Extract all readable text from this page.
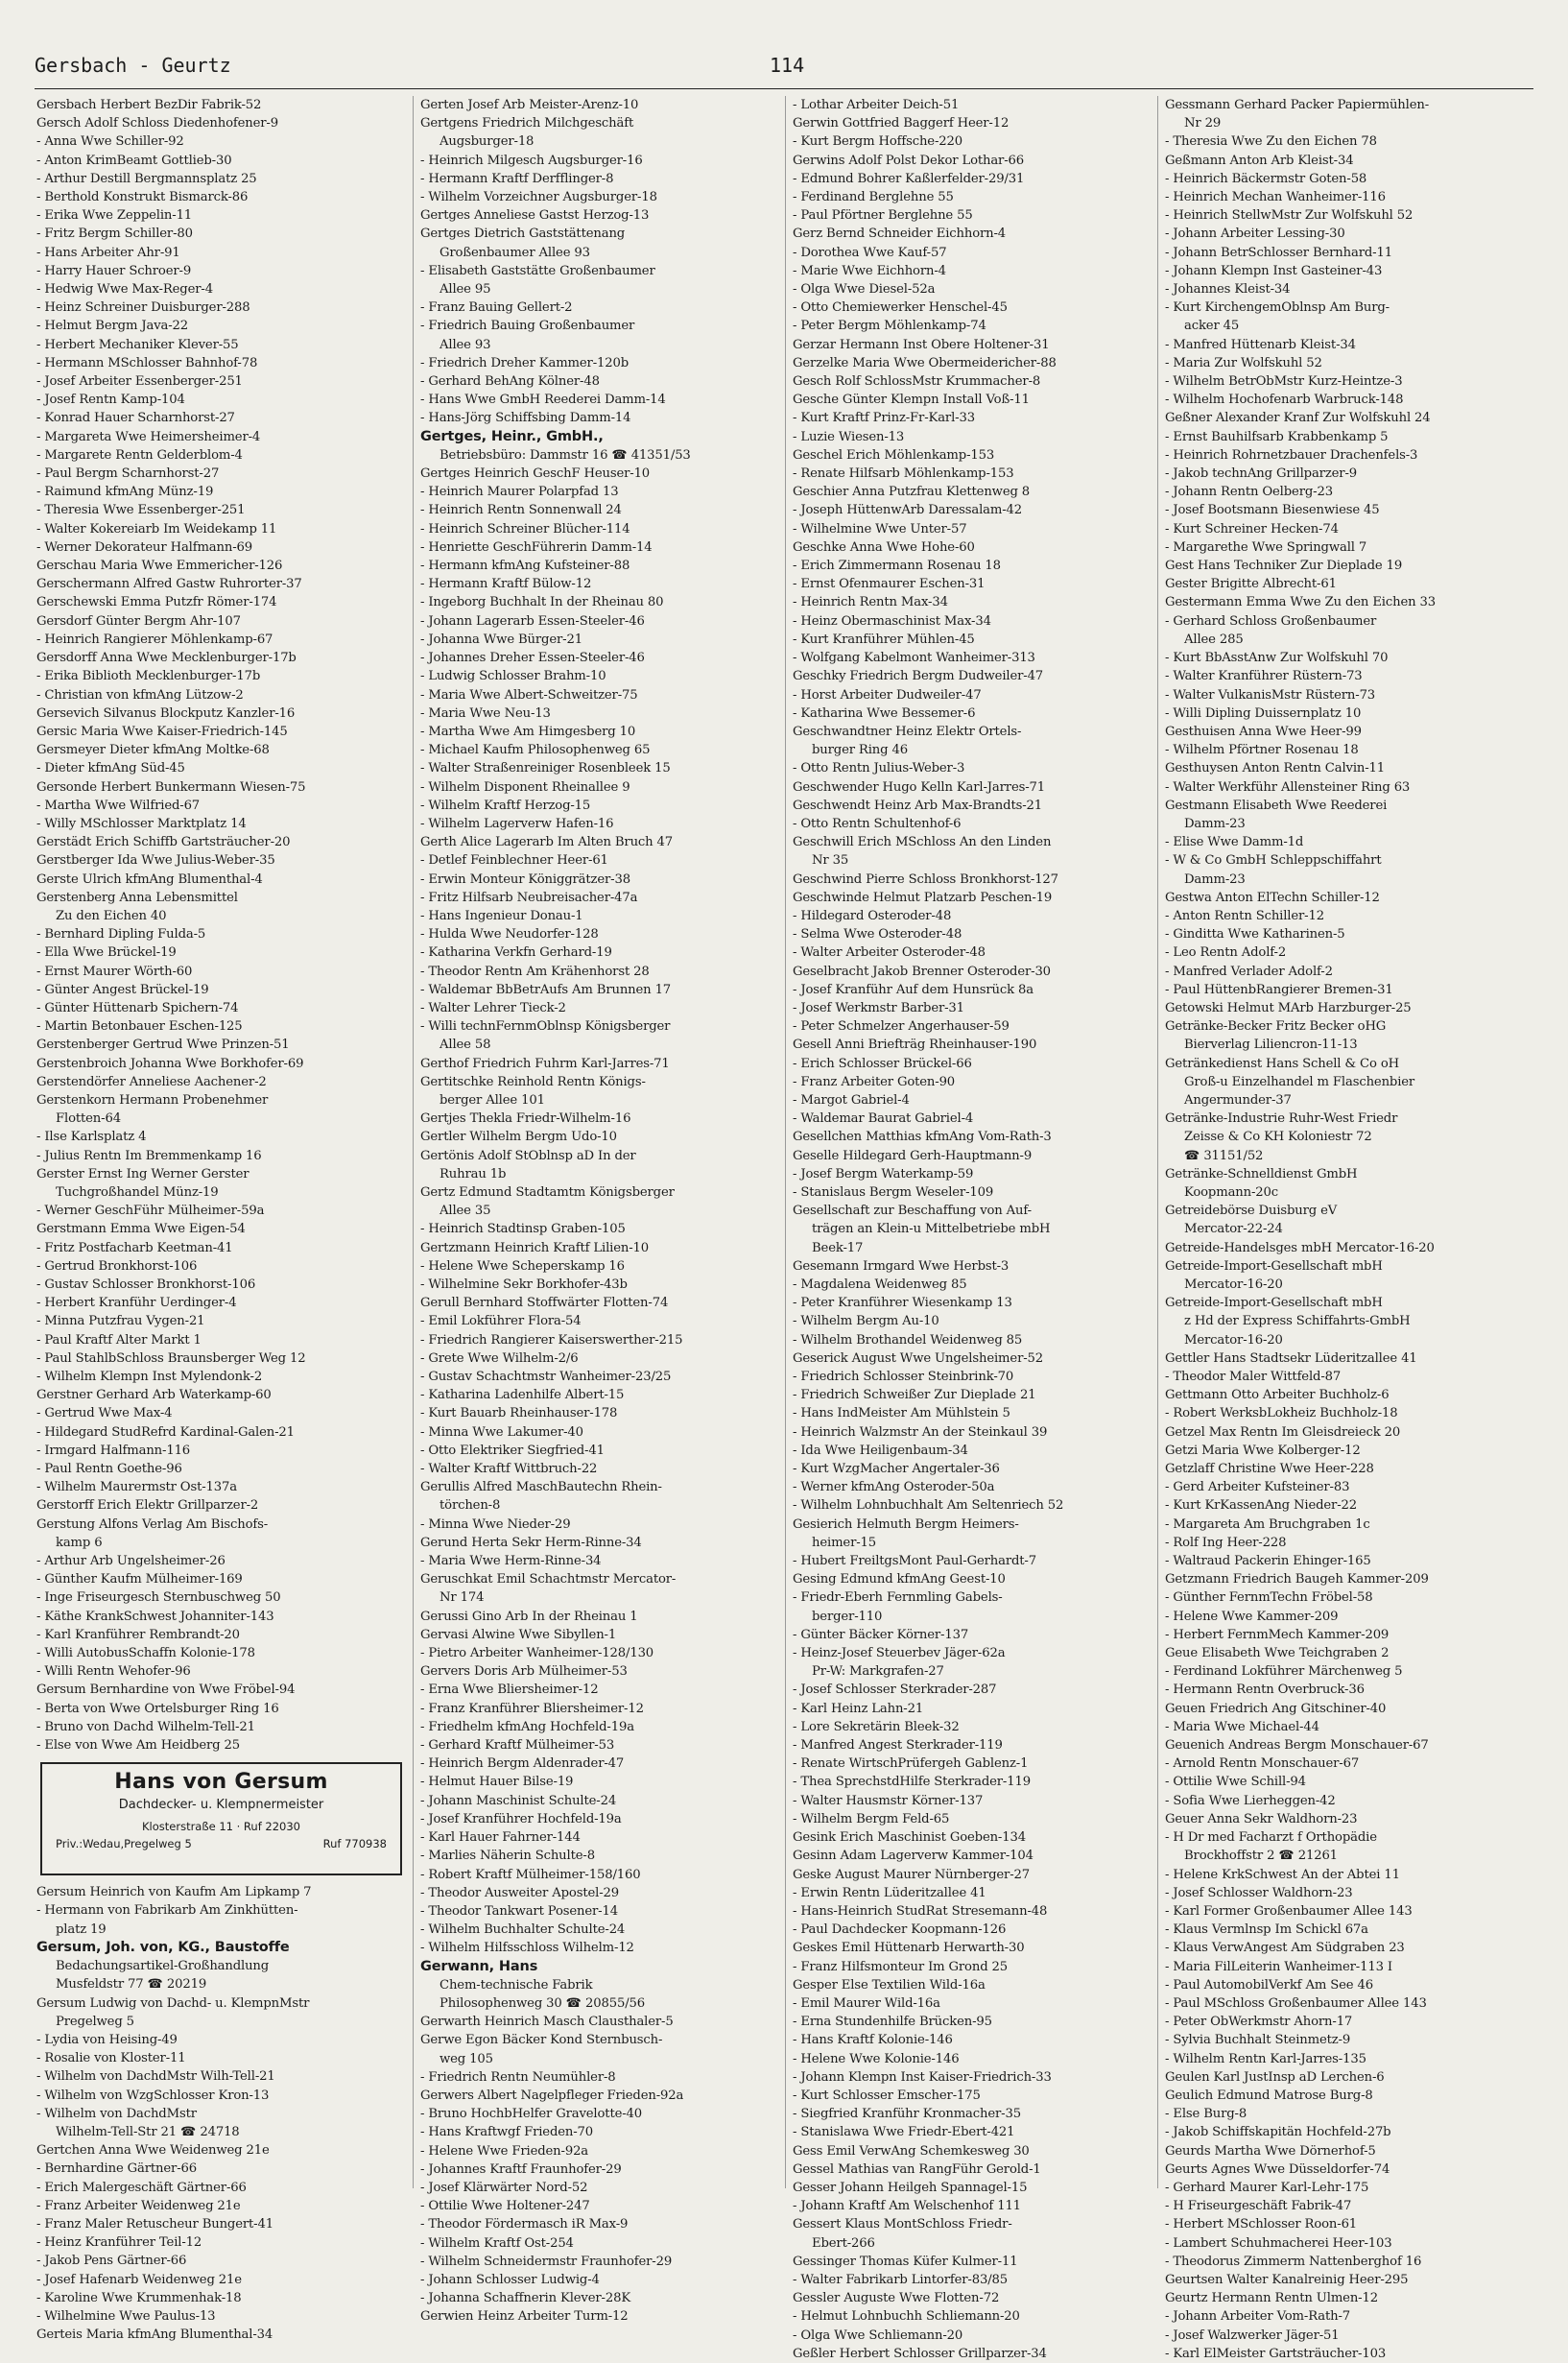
Gersbach - Geurtz	114

Gersbach Herbert BezDir Fabrik-52

Gersch Adolf Schloss Diedenhofener-9

- Anna Wwe Schiller-92

- Anton KrimBeamt Gottlieb-30

- Arthur Destill Bergmannsplatz 25

- Berthold Konstrukt Bismarck-86

- Erika Wwe Zeppelin-11

- Fritz Bergm Schiller-80

- Hans Arbeiter Ahr-91

- Harry Hauer Schroer-9

- Hedwig Wwe Max-Reger-4

- Heinz Schreiner Duisburger-288

- Helmut Bergm Java-22

- Herbert Mechaniker Klever-55

- Hermann MSchlosser Bahnhof-78

- Josef Arbeiter Essenberger-251

- Josef Rentn Kamp-104

- Konrad Hauer Scharnhorst-27

- Margareta Wwe Heimersheimer-4

- Margarete Rentn Gelderblom-4

- Paul Bergm Scharnhorst-27

- Raimund kfmAng Münz-19

- Theresia Wwe Essenberger-251

- Walter Kokereiarb Im Weidekamp 11

- Werner Dekorateur Halfmann-69

Gerschau Maria Wwe Emmericher-126

Gerschermann Alfred Gastw Ruhrorter-37

Gerschewski Emma Putzfr Römer-174

Gersdorf Günter Bergm Ahr-107

- Heinrich Rangierer Möhlenkamp-67

Gersdorff Anna Wwe Mecklenburger-17b

- Erika Biblioth Mecklenburger-17b

- Christian von kfmAng Lützow-2

Gersevich Silvanus Blockputz Kanzler-16

Gersic Maria Wwe Kaiser-Friedrich-145

Gersmeyer Dieter kfmAng Moltke-68

- Dieter kfmAng Süd-45

Gersonde Herbert Bunkermann Wiesen-75

- Martha Wwe Wilfried-67

- Willy MSchlosser Marktplatz 14

Gerstädt Erich Schiffb Gartsträucher-20

Gerstberger Ida Wwe Julius-Weber-35

Gerste Ulrich kfmAng Blumenthal-4

Gerstenberg Anna Lebensmittel

Zu den Eichen 40

- Bernhard Dipling Fulda-5

- Ella Wwe Brückel-19

- Ernst Maurer Wörth-60

- Günter Angest Brückel-19

- Günter Hüttenarb Spichern-74

- Martin Betonbauer Eschen-125

Gerstenberger Gertrud Wwe Prinzen-51

Gerstenbroich Johanna Wwe Borkhofer-69

Gerstendörfer Anneliese Aachener-2

Gerstenkorn Hermann Probenehmer

Flotten-64

- Ilse Karlsplatz 4

- Julius Rentn Im Bremmenkamp 16

Gerster Ernst Ing Werner Gerster

Tuchgroßhandel Münz-19

- Werner GeschFühr Mülheimer-59a

Gerstmann Emma Wwe Eigen-54

- Fritz Postfacharb Keetman-41

- Gertrud Bronkhorst-106

- Gustav Schlosser Bronkhorst-106

- Herbert Kranführ Uerdinger-4

- Minna Putzfrau Vygen-21

- Paul Kraftf Alter Markt 1

- Paul StahlbSchloss Braunsberger Weg 12

- Wilhelm Klempn Inst Mylendonk-2

Gerstner Gerhard Arb Waterkamp-60

- Gertrud Wwe Max-4

- Hildegard StudRefrd Kardinal-Galen-21

- Irmgard Halfmann-116

- Paul Rentn Goethe-96

- Wilhelm Maurermstr Ost-137a

Gerstorff Erich Elektr Grillparzer-2

Gerstung Alfons Verlag Am Bischofs-

kamp 6

- Arthur Arb Ungelsheimer-26

- Günther Kaufm Mülheimer-169

- Inge Friseurgesch Sternbuschweg 50

- Käthe KrankSchwest Johanniter-143

- Karl Kranführer Rembrandt-20

- Willi AutobusSchaffn Kolonie-178

- Willi Rentn Wehofer-96

Gersum Bernhardine von Wwe Fröbel-94

- Berta von Wwe Ortelsburger Ring 16

- Bruno von Dachd Wilhelm-Tell-21

- Else von Wwe Am Heidberg 25

Hans von Gersum
Dachdecker- u. Klempnermeister
Klosterstraße 11 · Ruf 22030
Priv.:Wedau,Pregelweg 5	Ruf 770938

Gersum Heinrich von Kaufm Am Lipkamp 7

- Hermann von Fabrikarb Am Zinkhütten-

platz 19

Gersum, Joh. von, KG., Baustoffe

Bedachungsartikel-Großhandlung

Musfeldstr 77 ☎ 20219

Gersum Ludwig von Dachd- u. KlempnMstr

Pregelweg 5

- Lydia von Heising-49

- Rosalie von Kloster-11

- Wilhelm von DachdMstr Wilh-Tell-21

- Wilhelm von WzgSchlosser Kron-13

- Wilhelm von DachdMstr

Wilhelm-Tell-Str 21 ☎ 24718

Gertchen Anna Wwe Weidenweg 21e

- Bernhardine Gärtner-66

- Erich Malergeschäft Gärtner-66

- Franz Arbeiter Weidenweg 21e

- Franz Maler Retuscheur Bungert-41

- Heinz Kranführer Teil-12

- Jakob Pens Gärtner-66

- Josef Hafenarb Weidenweg 21e

- Karoline Wwe Krummenhak-18

- Wilhelmine Wwe Paulus-13

Gerteis Maria kfmAng Blumenthal-34

Gerten Josef Arb Meister-Arenz-10

Gertgens Friedrich Milchgeschäft

Augsburger-18

- Heinrich Milgesch Augsburger-16

- Hermann Kraftf Derfflinger-8

- Wilhelm Vorzeichner Augsburger-18

Gertges Anneliese Gastst Herzog-13

Gertges Dietrich Gaststättenang

Großenbaumer Allee 93

- Elisabeth Gaststätte Großenbaumer

Allee 95

- Franz Bauing Gellert-2

- Friedrich Bauing Großenbaumer

Allee 93

- Friedrich Dreher Kammer-120b

- Gerhard BehAng Kölner-48

- Hans Wwe GmbH Reederei Damm-14

- Hans-Jörg Schiffsbing Damm-14

Gertges, Heinr., GmbH.,

Betriebsbüro: Dammstr 16 ☎ 41351/53

Gertges Heinrich GeschF Heuser-10

- Heinrich Maurer Polarpfad 13

- Heinrich Rentn Sonnenwall 24

- Heinrich Schreiner Blücher-114

- Henriette GeschFührerin Damm-14

- Hermann kfmAng Kufsteiner-88

- Hermann Kraftf Bülow-12

- Ingeborg Buchhalt In der Rheinau 80

- Johann Lagerarb Essen-Steeler-46

- Johanna Wwe Bürger-21

- Johannes Dreher Essen-Steeler-46

- Ludwig Schlosser Brahm-10

- Maria Wwe Albert-Schweitzer-75

- Maria Wwe Neu-13

- Martha Wwe Am Himgesberg 10

- Michael Kaufm Philosophenweg 65

- Walter Straßenreiniger Rosenbleek 15

- Wilhelm Disponent Rheinallee 9

- Wilhelm Kraftf Herzog-15

- Wilhelm Lagerverw Hafen-16

Gerth Alice Lagerarb Im Alten Bruch 47

- Detlef Feinblechner Heer-61

- Erwin Monteur Königgrätzer-38

- Fritz Hilfsarb Neubreisacher-47a

- Hans Ingenieur Donau-1

- Hulda Wwe Neudorfer-128

- Katharina Verkfn Gerhard-19

- Theodor Rentn Am Krähenhorst 28

- Waldemar BbBetrAufs Am Brunnen 17

- Walter Lehrer Tieck-2

- Willi technFernmOblnsp Königsberger

Allee 58

Gerthof Friedrich Fuhrm Karl-Jarres-71

Gertitschke Reinhold Rentn Königs-

berger Allee 101

Gertjes Thekla Friedr-Wilhelm-16

Gertler Wilhelm Bergm Udo-10

Gertönis Adolf StOblnsp aD In der

Ruhrau 1b

Gertz Edmund Stadtamtm Königsberger

Allee 35

- Heinrich Stadtinsp Graben-105

Gertzmann Heinrich Kraftf Lilien-10

- Helene Wwe Scheperskamp 16

- Wilhelmine Sekr Borkhofer-43b

Gerull Bernhard Stoffwärter Flotten-74

- Emil Lokführer Flora-54

- Friedrich Rangierer Kaiserswerther-215

- Grete Wwe Wilhelm-2/6

- Gustav Schachtmstr Wanheimer-23/25

- Katharina Ladenhilfe Albert-15

- Kurt Bauarb Rheinhauser-178

- Minna Wwe Lakumer-40

- Otto Elektriker Siegfried-41

- Walter Kraftf Wittbruch-22

Gerullis Alfred MaschBautechn Rhein-

törchen-8

- Minna Wwe Nieder-29

Gerund Herta Sekr Herm-Rinne-34

- Maria Wwe Herm-Rinne-34

Geruschkat Emil Schachtmstr Mercator-

Nr 174

Gerussi Gino Arb In der Rheinau 1

Gervasi Alwine Wwe Sibyllen-1

- Pietro Arbeiter Wanheimer-128/130

Gervers Doris Arb Mülheimer-53

- Erna Wwe Bliersheimer-12

- Franz Kranführer Bliersheimer-12

- Friedhelm kfmAng Hochfeld-19a

- Gerhard Kraftf Mülheimer-53

- Heinrich Bergm Aldenrader-47

- Helmut Hauer Bilse-19

- Johann Maschinist Schulte-24

- Josef Kranführer Hochfeld-19a

- Karl Hauer Fahrner-144

- Marlies Näherin Schulte-8

- Robert Kraftf Mülheimer-158/160

- Theodor Ausweiter Apostel-29

- Theodor Tankwart Posener-14

- Wilhelm Buchhalter Schulte-24

- Wilhelm Hilfsschloss Wilhelm-12

Gerwann, Hans

Chem-technische Fabrik

Philosophenweg 30 ☎ 20855/56

Gerwarth Heinrich Masch Clausthaler-5

Gerwe Egon Bäcker Kond Sternbusch-

weg 105

- Friedrich Rentn Neumühler-8

Gerwers Albert Nagelpfleger Frieden-92a

- Bruno HochbHelfer Gravelotte-40

- Hans Kraftwgf Frieden-70

- Helene Wwe Frieden-92a

- Johannes Kraftf Fraunhofer-29

- Josef Klärwärter Nord-52

- Ottilie Wwe Holtener-247

- Theodor Fördermasch iR Max-9

- Wilhelm Kraftf Ost-254

- Wilhelm Schneidermstr Fraunhofer-29

- Johann Schlosser Ludwig-4

- Johanna Schaffnerin Klever-28K

Gerwien Heinz Arbeiter Turm-12

- Lothar Arbeiter Deich-51

Gerwin Gottfried Baggerf Heer-12

- Kurt Bergm Hoffsche-220

Gerwins Adolf Polst Dekor Lothar-66

- Edmund Bohrer Kaßlerfelder-29/31

- Ferdinand Berglehne 55

- Paul Pförtner Berglehne 55

Gerz Bernd Schneider Eichhorn-4

- Dorothea Wwe Kauf-57

- Marie Wwe Eichhorn-4

- Olga Wwe Diesel-52a

- Otto Chemiewerker Henschel-45

- Peter Bergm Möhlenkamp-74

Gerzar Hermann Inst Obere Holtener-31

Gerzelke Maria Wwe Obermeidericher-88

Gesch Rolf SchlossMstr Krummacher-8

Gesche Günter Klempn Install Voß-11

- Kurt Kraftf Prinz-Fr-Karl-33

- Luzie Wiesen-13

Geschel Erich Möhlenkamp-153

- Renate Hilfsarb Möhlenkamp-153

Geschier Anna Putzfrau Klettenweg 8

- Joseph HüttenwArb Daressalam-42

- Wilhelmine Wwe Unter-57

Geschke Anna Wwe Hohe-60

- Erich Zimmermann Rosenau 18

- Ernst Ofenmaurer Eschen-31

- Heinrich Rentn Max-34

- Heinz Obermaschinist Max-34

- Kurt Kranführer Mühlen-45

- Wolfgang Kabelmont Wanheimer-313

Geschky Friedrich Bergm Dudweiler-47

- Horst Arbeiter Dudweiler-47

- Katharina Wwe Bessemer-6

Geschwandtner Heinz Elektr Ortels-

burger Ring 46

- Otto Rentn Julius-Weber-3

Geschwender Hugo Kelln Karl-Jarres-71

Geschwendt Heinz Arb Max-Brandts-21

- Otto Rentn Schultenhof-6

Geschwill Erich MSchloss An den Linden

Nr 35

Geschwind Pierre Schloss Bronkhorst-127

Geschwinde Helmut Platzarb Peschen-19

- Hildegard Osteroder-48

- Selma Wwe Osteroder-48

- Walter Arbeiter Osteroder-48

Geselbracht Jakob Brenner Osteroder-30

- Josef Kranführ Auf dem Hunsrück 8a

- Josef Werkmstr Barber-31

- Peter Schmelzer Angerhauser-59

Gesell Anni Briefträg Rheinhauser-190

- Erich Schlosser Brückel-66

- Franz Arbeiter Goten-90

- Margot Gabriel-4

- Waldemar Baurat Gabriel-4

Gesellchen Matthias kfmAng Vom-Rath-3

Geselle Hildegard Gerh-Hauptmann-9

- Josef Bergm Waterkamp-59

- Stanislaus Bergm Weseler-109

Gesellschaft zur Beschaffung von Auf-

trägen an Klein-u Mittelbetriebe mbH

Beek-17

Gesemann Irmgard Wwe Herbst-3

- Magdalena Weidenweg 85

- Peter Kranführer Wiesenkamp 13

- Wilhelm Bergm Au-10

- Wilhelm Brothandel Weidenweg 85

Geserick August Wwe Ungelsheimer-52

- Friedrich Schlosser Steinbrink-70

- Friedrich Schweißer Zur Dieplade 21

- Hans IndMeister Am Mühlstein 5

- Heinrich Walzmstr An der Steinkaul 39

- Ida Wwe Heiligenbaum-34

- Kurt WzgMacher Angertaler-36

- Werner kfmAng Osteroder-50a

- Wilhelm Lohnbuchhalt Am Seltenriech 52

Gesierich Helmuth Bergm Heimers-

heimer-15

- Hubert FreiltgsMont Paul-Gerhardt-7

Gesing Edmund kfmAng Geest-10

- Friedr-Eberh Fernmling Gabels-

berger-110

- Günter Bäcker Körner-137

- Heinz-Josef Steuerbev Jäger-62a

Pr-W: Markgrafen-27

- Josef Schlosser Sterkrader-287

- Karl Heinz Lahn-21

- Lore Sekretärin Bleek-32

- Manfred Angest Sterkrader-119

- Renate WirtschPrüfergeh Gablenz-1

- Thea SprechstdHilfe Sterkrader-119

- Walter Hausmstr Körner-137

- Wilhelm Bergm Feld-65

Gesink Erich Maschinist Goeben-134

Gesinn Adam Lagerverw Kammer-104

Geske August Maurer Nürnberger-27

- Erwin Rentn Lüderitzallee 41

- Hans-Heinrich StudRat Stresemann-48

- Paul Dachdecker Koopmann-126

Geskes Emil Hüttenarb Herwarth-30

- Franz Hilfsmonteur Im Grond 25

Gesper Else Textilien Wild-16a

- Emil Maurer Wild-16a

- Erna Stundenhilfe Brücken-95

- Hans Kraftf Kolonie-146

- Helene Wwe Kolonie-146

- Johann Klempn Inst Kaiser-Friedrich-33

- Kurt Schlosser Emscher-175

- Siegfried Kranführ Kronmacher-35

- Stanislawa Wwe Friedr-Ebert-421

Gess Emil VerwAng Schemkesweg 30

Gessel Mathias van RangFühr Gerold-1

Gesser Johann Heilgeh Spannagel-15

- Johann Kraftf Am Welschenhof 111

Gessert Klaus MontSchloss Friedr-

Ebert-266

Gessinger Thomas Küfer Kulmer-11

- Walter Fabrikarb Lintorfer-83/85

Gessler Auguste Wwe Flotten-72

- Helmut Lohnbuchh Schliemann-20

- Olga Wwe Schliemann-20

Geßler Herbert Schlosser Grillparzer-34

Gessmann Gerhard Packer Papiermühlen-

Nr 29

- Theresia Wwe Zu den Eichen 78

Geßmann Anton Arb Kleist-34

- Heinrich Bäckermstr Goten-58

- Heinrich Mechan Wanheimer-116

- Heinrich StellwMstr Zur Wolfskuhl 52

- Johann Arbeiter Lessing-30

- Johann BetrSchlosser Bernhard-11

- Johann Klempn Inst Gasteiner-43

- Johannes Kleist-34

- Kurt KirchengemOblnsp Am Burg-

acker 45

- Manfred Hüttenarb Kleist-34

- Maria Zur Wolfskuhl 52

- Wilhelm BetrObMstr Kurz-Heintze-3

- Wilhelm Hochofenarb Warbruck-148

Geßner Alexander Kranf Zur Wolfskuhl 24

- Ernst Bauhilfsarb Krabbenkamp 5

- Heinrich Rohrnetzbauer Drachenfels-3

- Jakob technAng Grillparzer-9

- Johann Rentn Oelberg-23

- Josef Bootsmann Biesenwiese 45

- Kurt Schreiner Hecken-74

- Margarethe Wwe Springwall 7

Gest Hans Techniker Zur Dieplade 19

Gester Brigitte Albrecht-61

Gestermann Emma Wwe Zu den Eichen 33

- Gerhard Schloss Großenbaumer

Allee 285

- Kurt BbAsstAnw Zur Wolfskuhl 70

- Walter Kranführer Rüstern-73

- Walter VulkanisMstr Rüstern-73

- Willi Dipling Duissernplatz 10

Gesthuisen Anna Wwe Heer-99

- Wilhelm Pförtner Rosenau 18

Gesthuysen Anton Rentn Calvin-11

- Walter Werkführ Allensteiner Ring 63

Gestmann Elisabeth Wwe Reederei

Damm-23

- Elise Wwe Damm-1d

- W & Co GmbH Schleppschiffahrt

Damm-23

Gestwa Anton ElTechn Schiller-12

- Anton Rentn Schiller-12

- Ginditta Wwe Katharinen-5

- Leo Rentn Adolf-2

- Manfred Verlader Adolf-2

- Paul HüttenbRangierer Bremen-31

Getowski Helmut MArb Harzburger-25

Getränke-Becker Fritz Becker oHG

Bierverlag Liliencron-11-13

Getränkedienst Hans Schell & Co oH

Groß-u Einzelhandel m Flaschenbier

Angermunder-37

Getränke-Industrie Ruhr-West Friedr

Zeisse & Co KH Koloniestr 72

☎ 31151/52

Getränke-Schnelldienst GmbH

Koopmann-20c

Getreidebörse Duisburg eV

Mercator-22-24

Getreide-Handelsges mbH Mercator-16-20

Getreide-Import-Gesellschaft mbH

Mercator-16-20

Getreide-Import-Gesellschaft mbH

z Hd der Express Schiffahrts-GmbH

Mercator-16-20

Gettler Hans Stadtsekr Lüderitzallee 41

- Theodor Maler Wittfeld-87

Gettmann Otto Arbeiter Buchholz-6

- Robert WerksbLokheiz Buchholz-18

Getzel Max Rentn Im Gleisdreieck 20

Getzi Maria Wwe Kolberger-12

Getzlaff Christine Wwe Heer-228

- Gerd Arbeiter Kufsteiner-83

- Kurt KrKassenAng Nieder-22

- Margareta Am Bruchgraben 1c

- Rolf Ing Heer-228

- Waltraud Packerin Ehinger-165

Getzmann Friedrich Baugeh Kammer-209

- Günther FernmTechn Fröbel-58

- Helene Wwe Kammer-209

- Herbert FernmMech Kammer-209

Geue Elisabeth Wwe Teichgraben 2

- Ferdinand Lokführer Märchenweg 5

- Hermann Rentn Overbruck-36

Geuen Friedrich Ang Gitschiner-40

- Maria Wwe Michael-44

Geuenich Andreas Bergm Monschauer-67

- Arnold Rentn Monschauer-67

- Ottilie Wwe Schill-94

- Sofia Wwe Lierheggen-42

Geuer Anna Sekr Waldhorn-23

- H Dr med Facharzt f Orthopädie

Brockhoffstr 2 ☎ 21261

- Helene KrkSchwest An der Abtei 11

- Josef Schlosser Waldhorn-23

- Karl Former Großenbaumer Allee 143

- Klaus Vermlnsp Im Schickl 67a

- Klaus VerwAngest Am Südgraben 23

- Maria FilLeiterin Wanheimer-113 I

- Paul AutomobilVerkf Am See 46

- Paul MSchloss Großenbaumer Allee 143

- Peter ObWerkmstr Ahorn-17

- Sylvia Buchhalt Steinmetz-9

- Wilhelm Rentn Karl-Jarres-135

Geulen Karl JustInsp aD Lerchen-6

Geulich Edmund Matrose Burg-8

- Else Burg-8

- Jakob Schiffskapitän Hochfeld-27b

Geurds Martha Wwe Dörnerhof-5

Geurts Agnes Wwe Düsseldorfer-74

- Gerhard Maurer Karl-Lehr-175

- H Friseurgeschäft Fabrik-47

- Herbert MSchlosser Roon-61

- Lambert Schuhmacherei Heer-103

- Theodorus Zimmerm Nattenberghof 16

Geurtsen Walter Kanalreinig Heer-295

Geurtz Hermann Rentn Ulmen-12

- Johann Arbeiter Vom-Rath-7

- Josef Walzwerker Jäger-51

- Karl ElMeister Gartsträucher-103
